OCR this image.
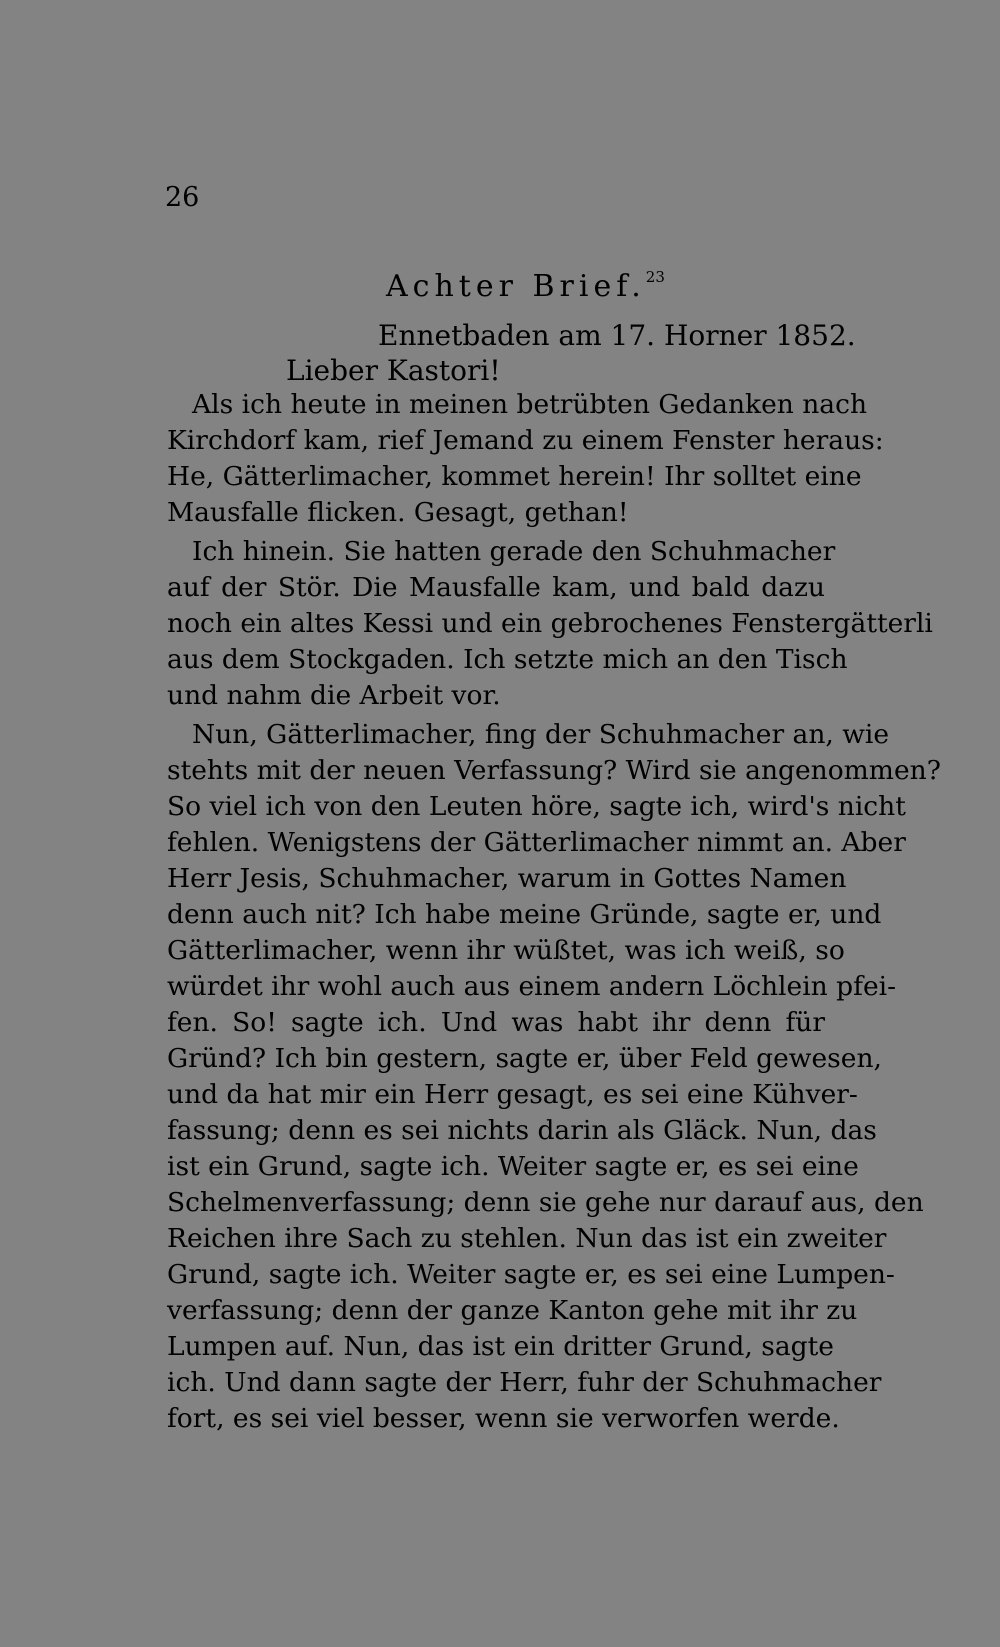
26
Achter Brief.$^{23}$
Ennetbaden am 17. Horner 1852.
Lieber Kastori!
Als ich heute in meinen betrübten Gedanken nach
Kirchdorf kam, rief Jemand zu einem Fenster heraus:
He, Gätterlimacher, kommet herein! Ihr solltet eine
Mausfalle flicken. Gesagt, gethan!
Ich hinein. Sie hatten gerade den Schuhmacher
auf der Stör. Die Mausfalle kam, und bald dazu
noch ein altes Kessi und ein gebrochenes Fenstergätterli
aus dem Stockgaden. Ich setzte mich an den Tisch
und nahm die Arbeit vor.
Nun, Gätterlimacher, fing der Schuhmacher an, wie
stehts mit der neuen Verfassung? Wird sie angenommen?
So viel ich von den Leuten höre, sagte ich, wird's nicht
fehlen. Wenigstens der Gätterlimacher nimmt an. Aber
Herr Jesis, Schuhmacher, warum in Gottes Namen
denn auch nit? Ich habe meine Gründe, sagte er, und
Gätterlimacher, wenn ihr wüßtet, was ich weiß, so
würdet ihr wohl auch aus einem andern Löchlein pfei-
fen. So! sagte ich. Und was habt ihr denn für
Gründ? Ich bin gestern, sagte er, über Feld gewesen,
und da hat mir ein Herr gesagt, es sei eine Kühver-
fassung; denn es sei nichts darin als Gläck. Nun, das
ist ein Grund, sagte ich. Weiter sagte er, es sei eine
Schelmenverfassung; denn sie gehe nur darauf aus, den
Reichen ihre Sach zu stehlen. Nun das ist ein zweiter
Grund, sagte ich. Weiter sagte er, es sei eine Lumpen-
verfassung; denn der ganze Kanton gehe mit ihr zu
Lumpen auf. Nun, das ist ein dritter Grund, sagte
ich. Und dann sagte der Herr, fuhr der Schuhmacher
fort, es sei viel besser, wenn sie verworfen werde.
